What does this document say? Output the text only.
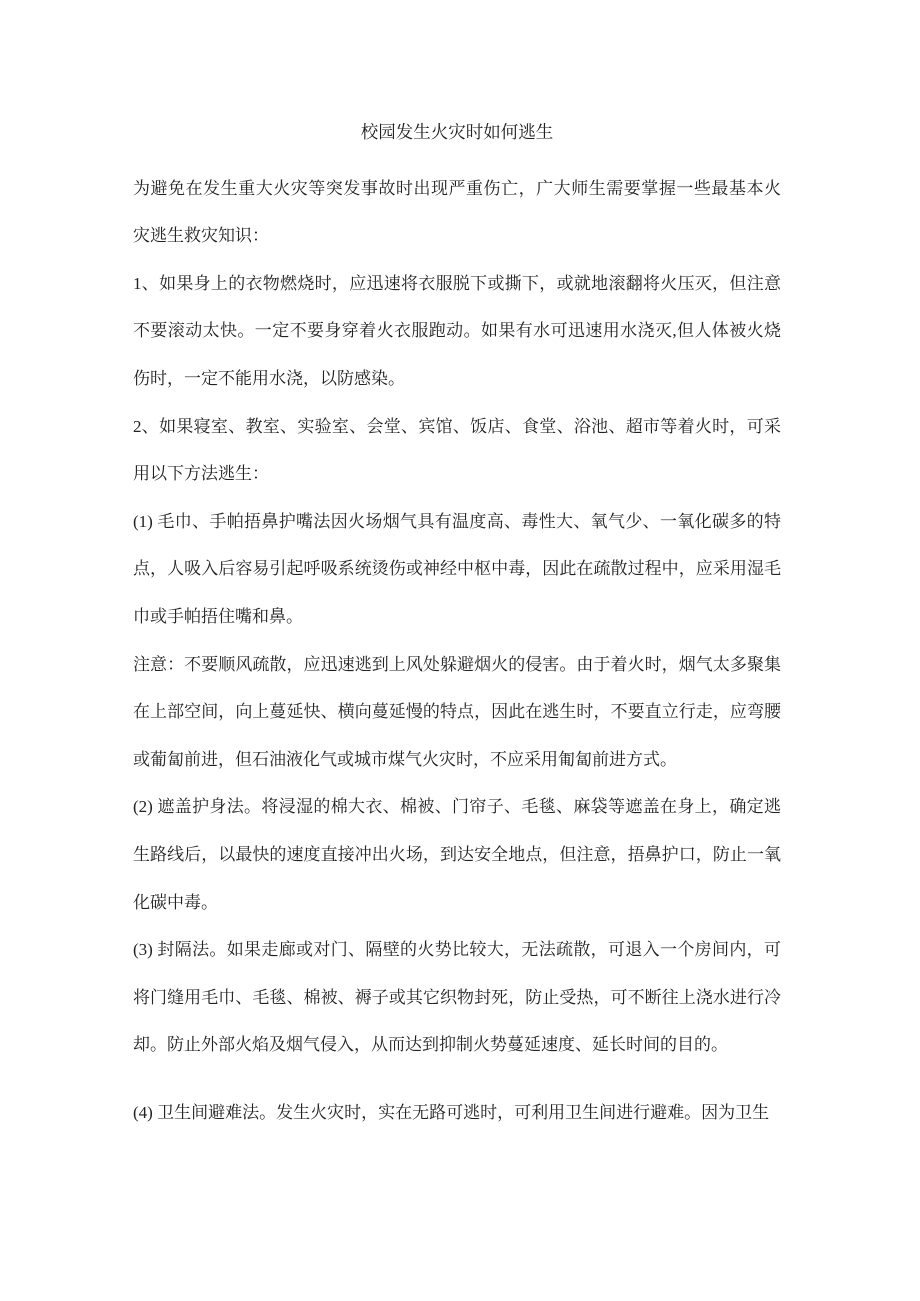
校园发生火灾时如何逃生
为避免在发生重大火灾等突发事故时出现严重伤亡，广大师生需要掌握一些最基本火
灾逃生救灾知识：
1、如果身上的衣物燃烧时，应迅速将衣服脱下或撕下，或就地滚翻将火压灭，但注意
不要滚动太快。一定不要身穿着火衣服跑动。如果有水可迅速用水浇灭,但人体被火烧
伤时，一定不能用水浇，以防感染。
2、如果寝室、教室、实验室、会堂、宾馆、饭店、食堂、浴池、超市等着火时，可采
用以下方法逃生：
(1) 毛巾、手帕捂鼻护嘴法因火场烟气具有温度高、毒性大、氧气少、一氧化碳多的特
点，人吸入后容易引起呼吸系统烫伤或神经中枢中毒，因此在疏散过程中，应采用湿毛
巾或手帕捂住嘴和鼻。
注意：不要顺风疏散，应迅速逃到上风处躲避烟火的侵害。由于着火时，烟气太多聚集
在上部空间，向上蔓延快、横向蔓延慢的特点，因此在逃生时，不要直立行走，应弯腰
或葡匐前进，但石油液化气或城市煤气火灾时，不应采用匍匐前进方式。
(2) 遮盖护身法。将浸湿的棉大衣、棉被、门帘子、毛毯、麻袋等遮盖在身上，确定逃
生路线后，以最快的速度直接冲出火场，到达安全地点，但注意，捂鼻护口，防止一氧
化碳中毒。
(3) 封隔法。如果走廊或对门、隔壁的火势比较大，无法疏散，可退入一个房间内，可
将门缝用毛巾、毛毯、棉被、褥子或其它织物封死，防止受热，可不断往上浇水进行冷
却。防止外部火焰及烟气侵入，从而达到抑制火势蔓延速度、延长时间的目的。
(4) 卫生间避难法。发生火灾时，实在无路可逃时，可利用卫生间进行避难。因为卫生
